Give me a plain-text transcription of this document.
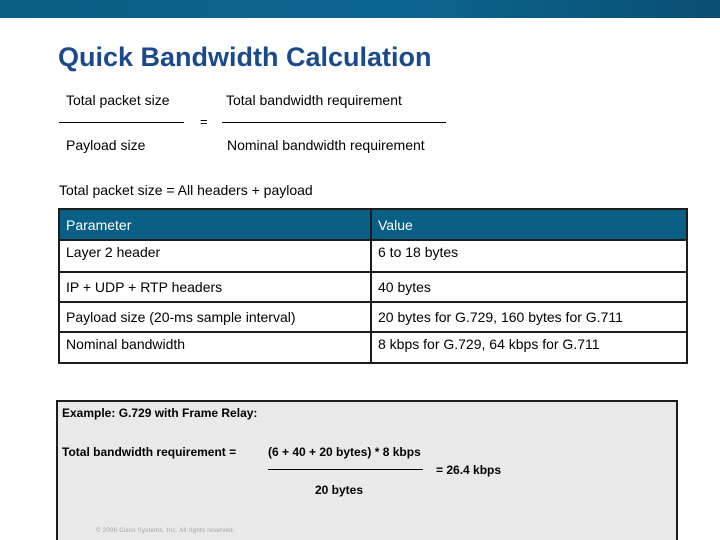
Quick Bandwidth Calculation
Total packet size
Payload size
=
Total bandwidth requirement
Nominal bandwidth requirement
Total packet size = All headers + payload
Parameter	Value
Layer 2 header	6 to 18 bytes
IP + UDP + RTP headers	40 bytes
Payload size (20-ms sample interval)	20 bytes for G.729, 160 bytes for G.711
Nominal bandwidth	8 kbps for G.729, 64 kbps for G.711
Example: G.729 with Frame Relay:
Total bandwidth requirement =	(6 + 40 + 20 bytes) * 8 kbps
= 26.4 kbps
20 bytes
© 2006 Cisco Systems, Inc. All rights reserved.
